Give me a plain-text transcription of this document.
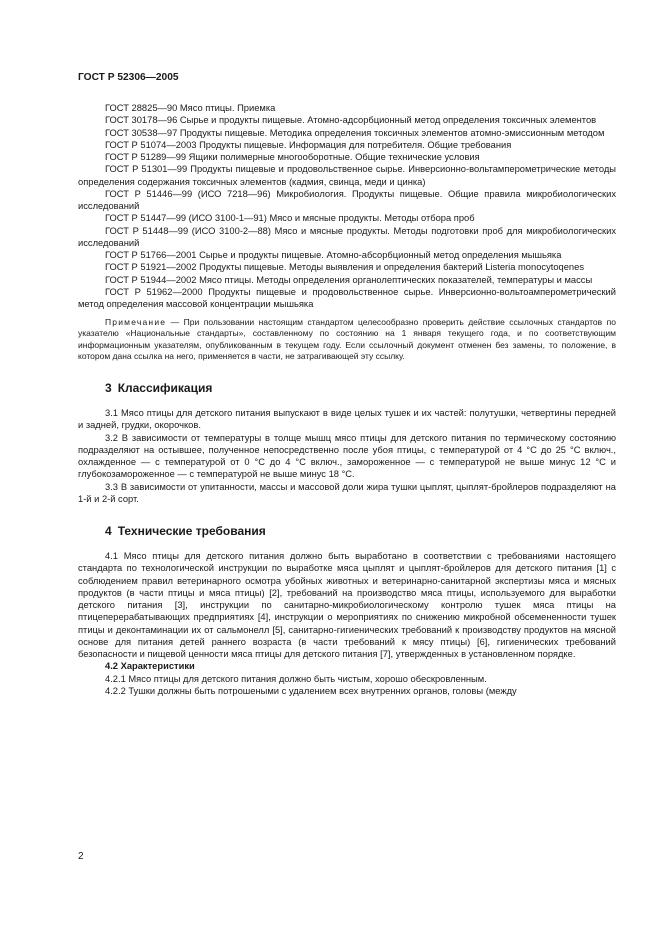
ГОСТ Р 52306—2005

ГОСТ 28825—90 Мясо птицы. Приемка

ГОСТ 30178—96 Сырье и продукты пищевые. Атомно-адсорбционный метод определения токсичных элементов

ГОСТ 30538—97 Продукты пищевые. Методика определения токсичных элементов атомно-эмиссионным методом

ГОСТ Р 51074—2003 Продукты пищевые. Информация для потребителя. Общие требования

ГОСТ Р 51289—99 Ящики полимерные многооборотные. Общие технические условия

ГОСТ Р 51301—99 Продукты пищевые и продовольственное сырье. Инверсионно-вольтамперометрические методы определения содержания токсичных элементов (кадмия, свинца, меди и цинка)

ГОСТ Р 51446—99 (ИСО 7218—96) Микробиология. Продукты пищевые. Общие правила микробиологических исследований

ГОСТ Р 51447—99 (ИСО 3100-1—91) Мясо и мясные продукты. Методы отбора проб

ГОСТ Р 51448—99 (ИСО 3100-2—88) Мясо и мясные продукты. Методы подготовки проб для микробиологических исследований

ГОСТ Р 51766—2001 Сырье и продукты пищевые. Атомно-абсорбционный метод определения мышьяка

ГОСТ Р 51921—2002 Продукты пищевые. Методы выявления и определения бактерий Listeria monocytoqenes

ГОСТ Р 51944—2002 Мясо птицы. Методы определения органолептических показателей, температуры и массы

ГОСТ Р 51962—2000 Продукты пищевые и продовольственное сырье. Инверсионно-вольтоамперометрический метод определения массовой концентрации мышьяка

Примечание — При пользовании настоящим стандартом целесообразно проверить действие ссылочных стандартов по указателю «Национальные стандарты», составленному по состоянию на 1 января текущего года, и по соответствующим информационным указателям, опубликованным в текущем году. Если ссылочный документ отменен без замены, то положение, в котором дана ссылка на него, применяется в части, не затрагивающей эту ссылку.

3 Классификация

3.1 Мясо птицы для детского питания выпускают в виде целых тушек и их частей: полутушки, четвертины передней и задней, грудки, окорочков.

3.2 В зависимости от температуры в толще мышц мясо птицы для детского питания по термическому состоянию подразделяют на остывшее, полученное непосредственно после убоя птицы, с температурой от 4 °С до 25 °С включ., охлажденное — с температурой от 0 °С до 4 °С включ., замороженное — с температурой не выше минус 12 °С и глубокозамороженное — с температурой не выше минус 18 °С.

3.3 В зависимости от упитанности, массы и массовой доли жира тушки цыплят, цыплят-бройлеров подразделяют на 1-й и 2-й сорт.

4 Технические требования

4.1 Мясо птицы для детского питания должно быть выработано в соответствии с требованиями настоящего стандарта по технологической инструкции по выработке мяса цыплят и цыплят-бройлеров для детского питания [1] с соблюдением правил ветеринарного осмотра убойных животных и ветеринарно-санитарной экспертизы мяса и мясных продуктов (в части птицы и мяса птицы) [2], требований на производство мяса птицы, используемого для выработки детского питания [3], инструкции по санитарно-микробиологическому контролю тушек мяса птицы на птицеперерабатывающих предприятиях [4], инструкции о мероприятиях по снижению микробной обсемененности тушек птицы и деконтаминации их от сальмонелл [5], санитарно-гигиенических требований к производству продуктов на мясной основе для питания детей раннего возраста (в части требований к мясу птицы) [6], гигиенических требований безопасности и пищевой ценности мяса птицы для детского питания [7], утвержденных в установленном порядке.

4.2 Характеристики

4.2.1 Мясо птицы для детского питания должно быть чистым, хорошо обескровленным.

4.2.2 Тушки должны быть потрошеными с удалением всех внутренних органов, головы (между

2
